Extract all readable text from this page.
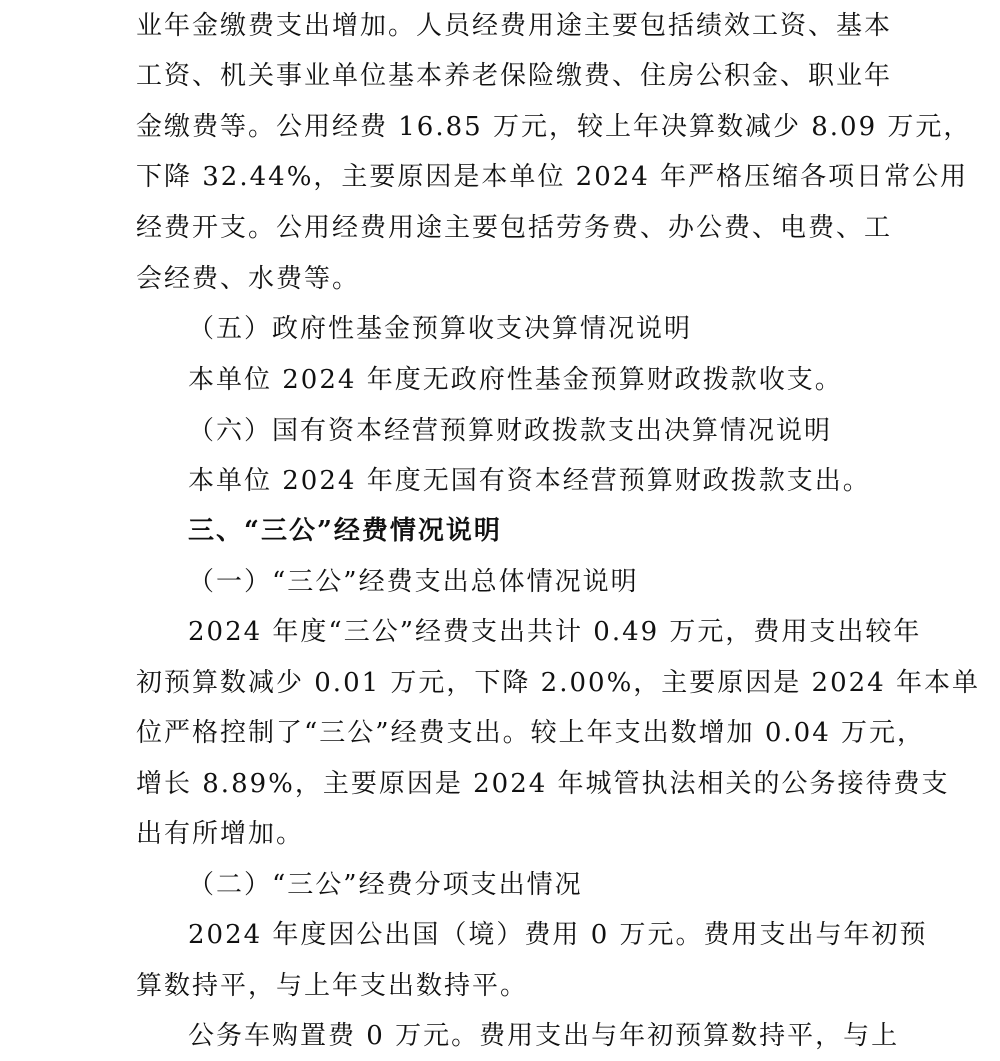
业年金缴费支出增加。人员经费用途主要包括绩效工资、基本
工资、机关事业单位基本养老保险缴费、住房公积金、职业年
金缴费等。公用经费 16.85 万元，较上年决算数减少 8.09 万元，
下降 32.44%，主要原因是本单位 2024 年严格压缩各项日常公用
经费开支。公用经费用途主要包括劳务费、办公费、电费、工
会经费、水费等。
（五）政府性基金预算收支决算情况说明
本单位 2024 年度无政府性基金预算财政拨款收支。
（六）国有资本经营预算财政拨款支出决算情况说明
本单位 2024 年度无国有资本经营预算财政拨款支出。
三、“三公”经费情况说明
（一）“三公”经费支出总体情况说明
2024 年度“三公”经费支出共计 0.49 万元，费用支出较年
初预算数减少 0.01 万元，下降 2.00%，主要原因是 2024 年本单
位严格控制了“三公”经费支出。较上年支出数增加 0.04 万元，
增长 8.89%，主要原因是 2024 年城管执法相关的公务接待费支
出有所增加。
（二）“三公”经费分项支出情况
2024 年度因公出国（境）费用 0 万元。费用支出与年初预
算数持平，与上年支出数持平。
公务车购置费 0 万元。费用支出与年初预算数持平，与上
